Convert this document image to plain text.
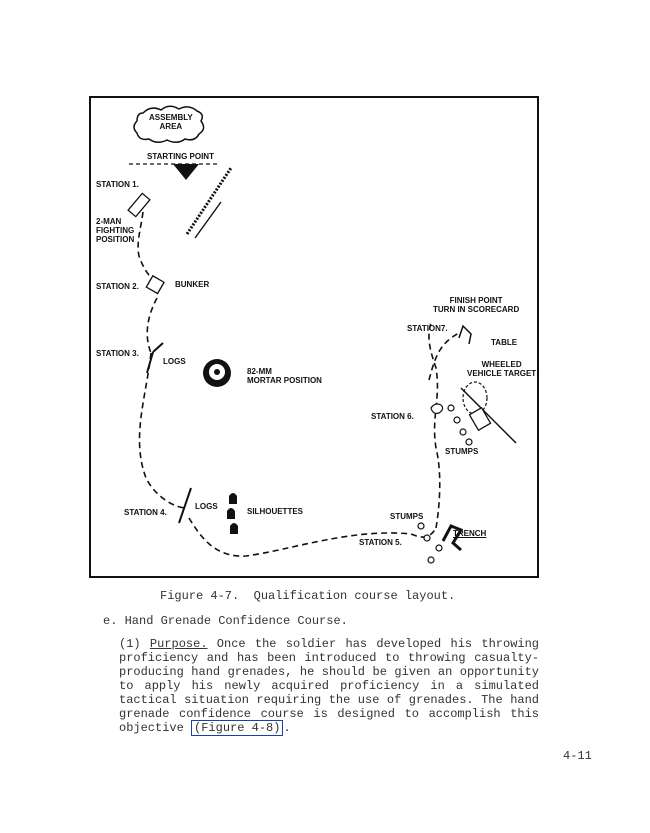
ASSEMBLY
AREA
STARTING POINT
STATION 1.
2-MAN
FIGHTING
POSITION
STATION 2.	BUNKER
STATION 3.
LOGS
82-MM
MORTAR POSITION
STATION 4.
LOGS
SILHOUETTES
FINISH POINT
TURN IN SCORECARD
STATION7.
TABLE
WHEELED
VEHICLE TARGET
STATION 6.
STUMPS
STUMPS
STATION 5.
TRENCH
Figure 4-7.  Qualification course layout.
e. Hand Grenade Confidence Course.
(1) Purpose. Once the soldier has developed his throwing proficiency and has been introduced to throwing casualty-producing hand grenades, he should be given an opportunity to apply his newly acquired proficiency in a simulated tactical situation requiring the use of grenades. The hand grenade confidence course is designed to accomplish this objective (Figure 4-8) .
4-11
